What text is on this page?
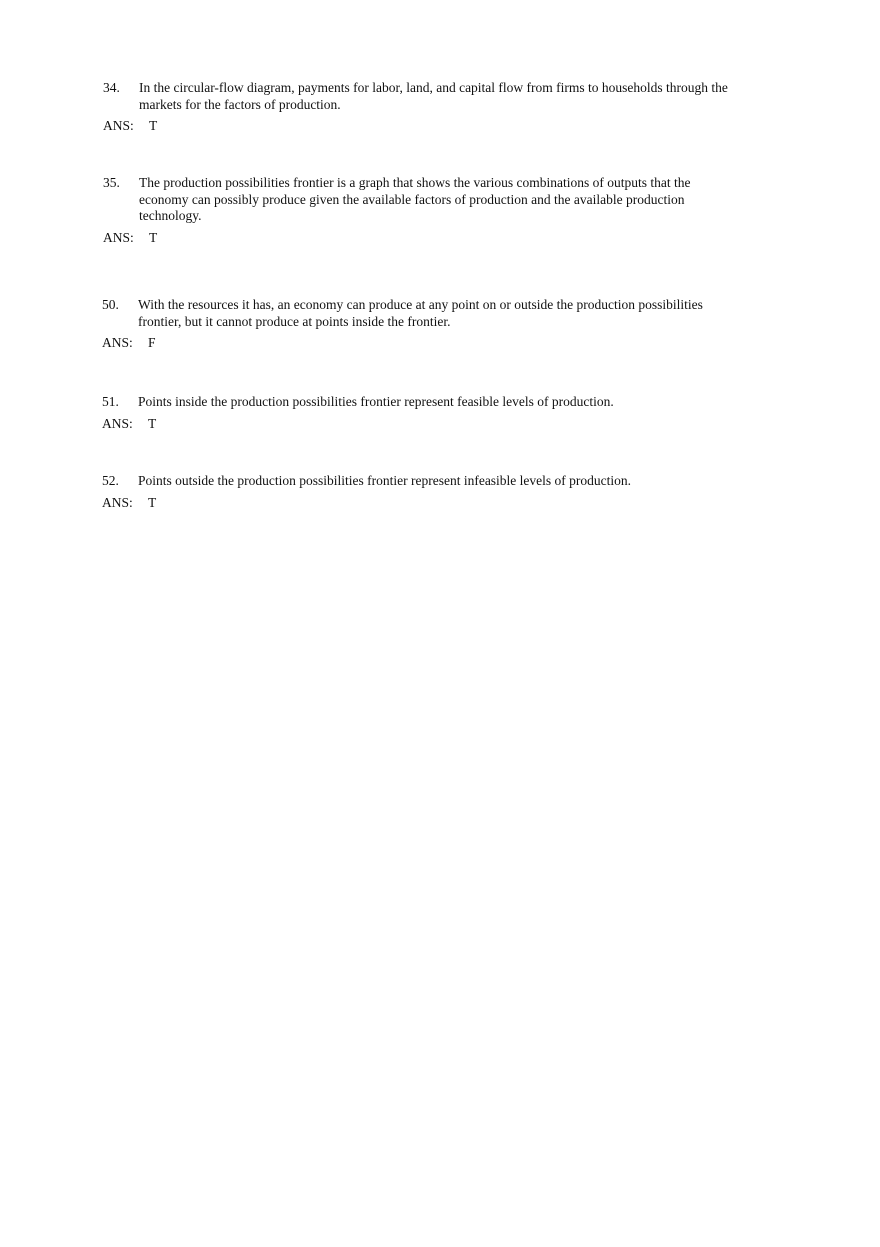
34.	In the circular-flow diagram, payments for labor, land, and capital flow from firms to households through the markets for the factors of production.
ANS: T
35.	The production possibilities frontier is a graph that shows the various combinations of outputs that the economy can possibly produce given the available factors of production and the available production technology.
ANS: T
50.	With the resources it has, an economy can produce at any point on or outside the production possibilities frontier, but it cannot produce at points inside the frontier.
ANS: F
51.	Points inside the production possibilities frontier represent feasible levels of production.
ANS: T
52.	Points outside the production possibilities frontier represent infeasible levels of production.
ANS: T
